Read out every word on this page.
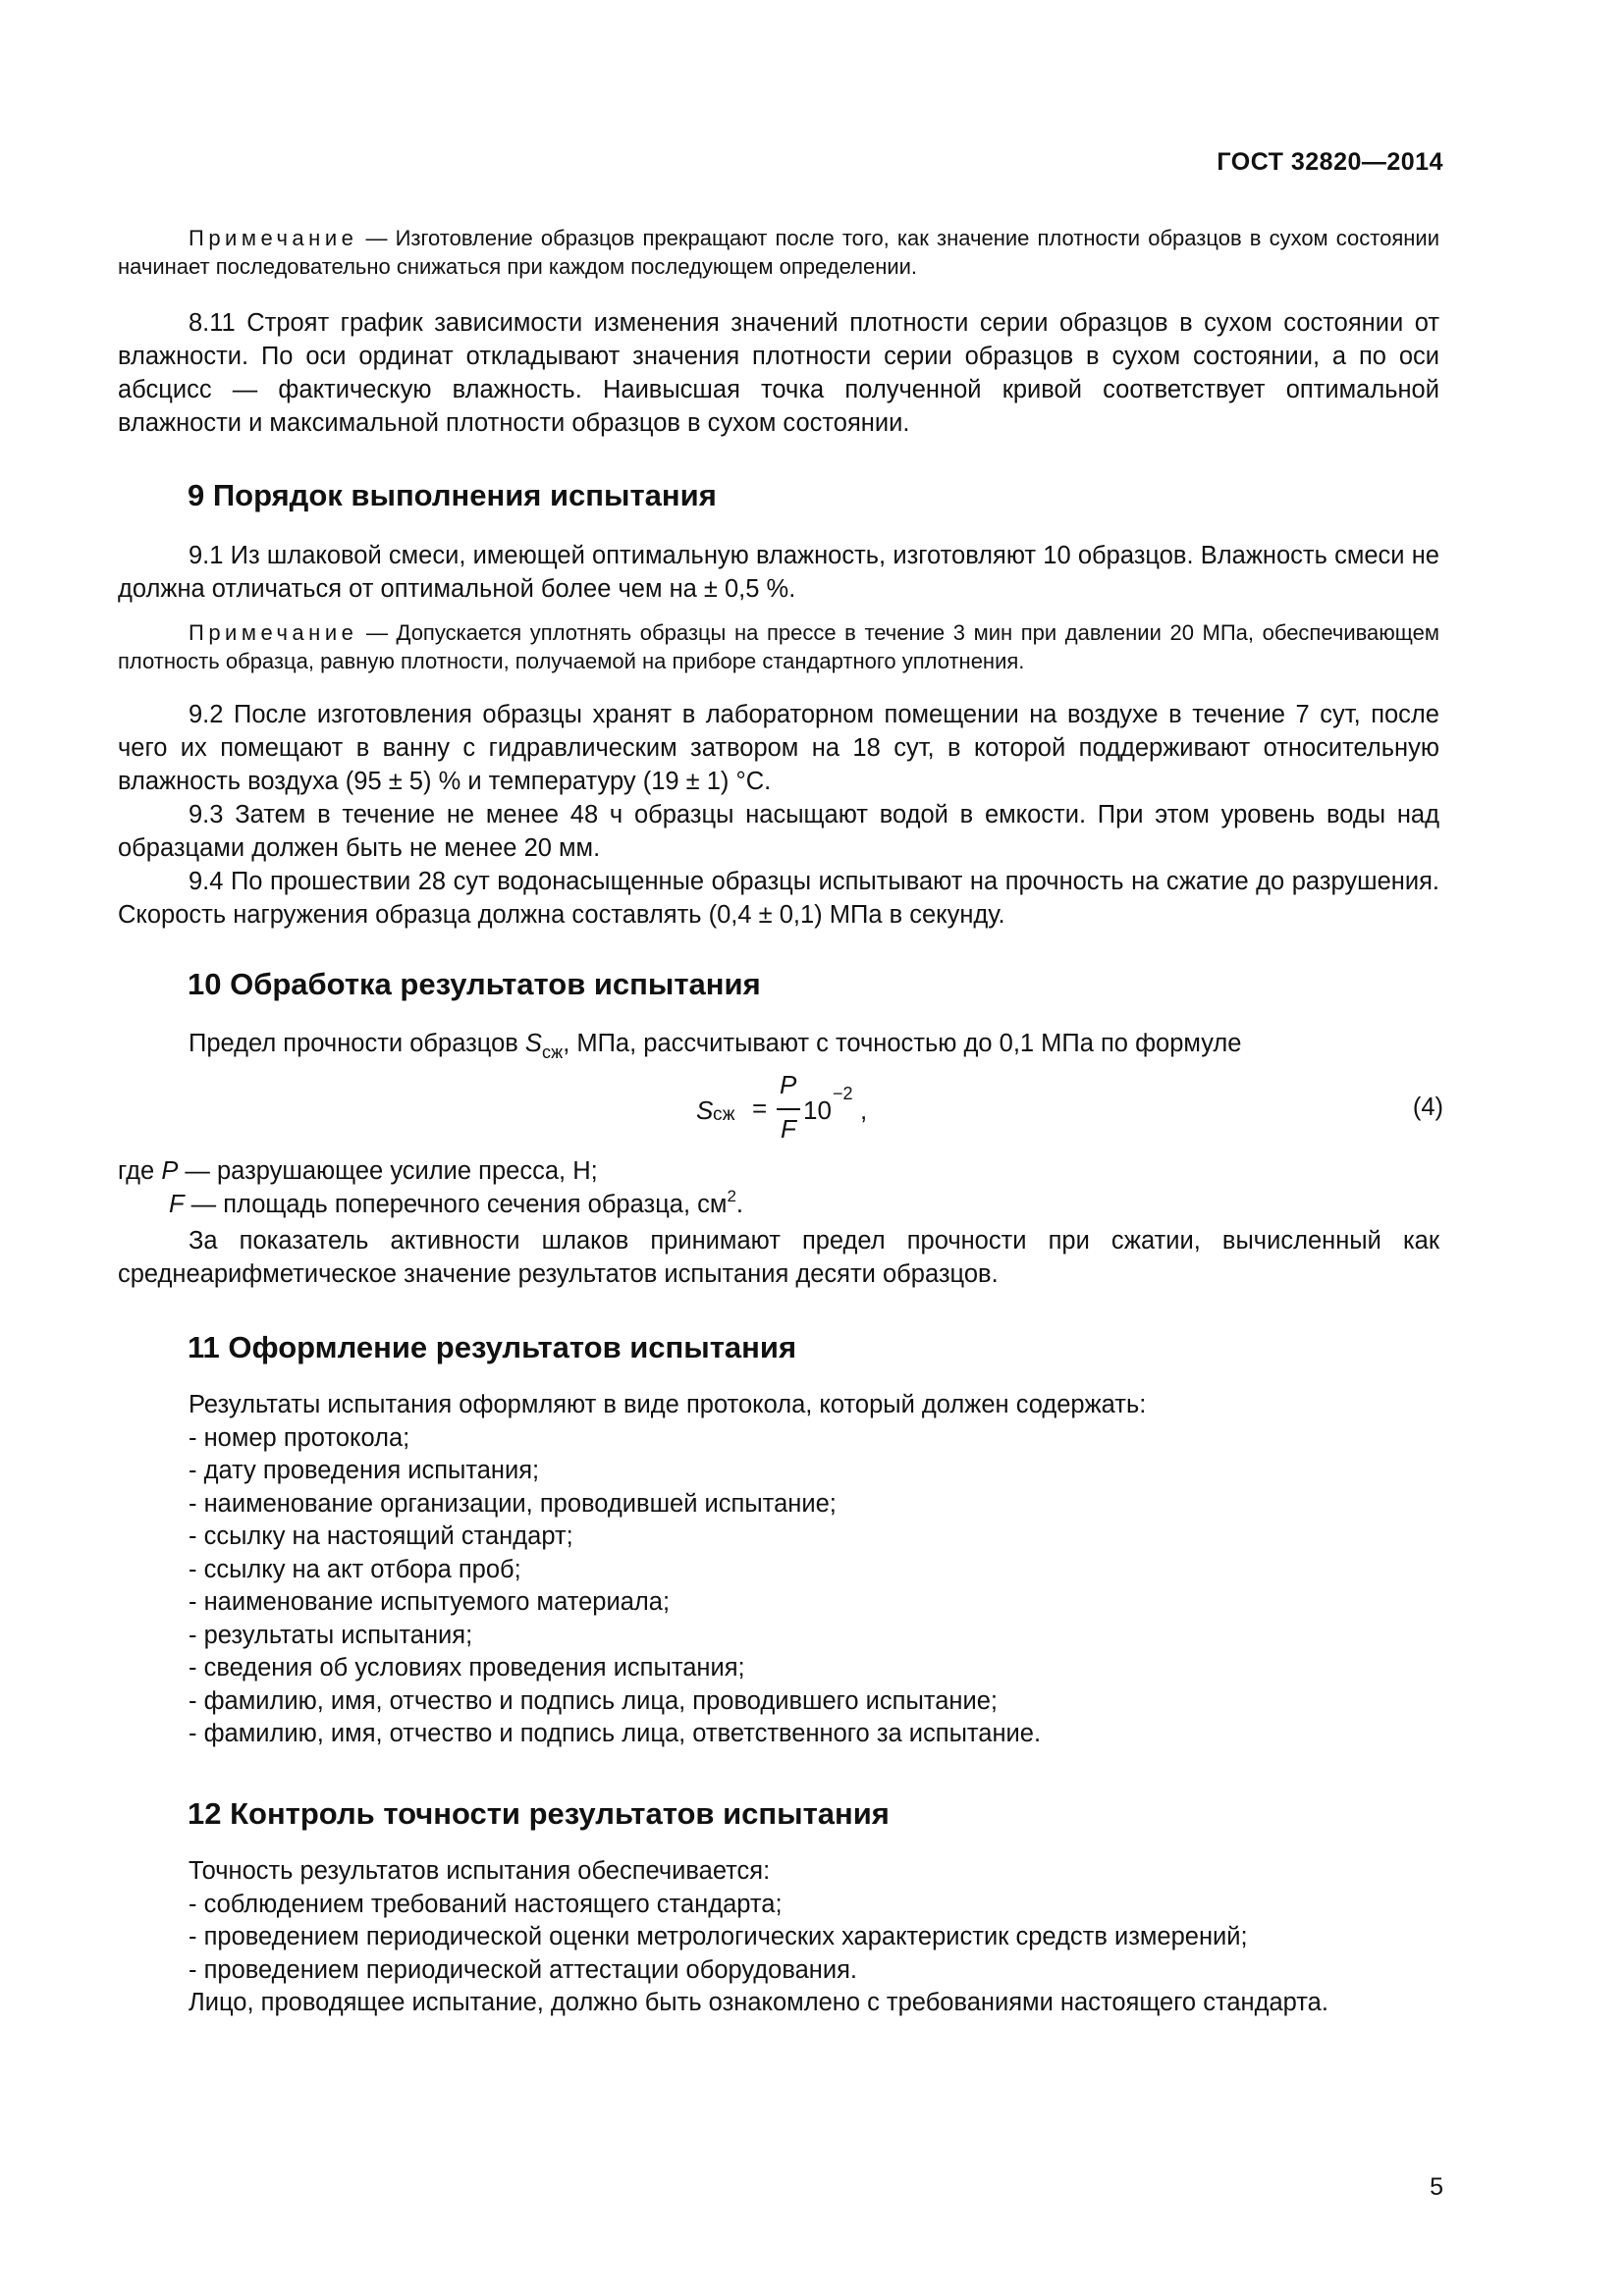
ГОСТ 32820—2014

Примечание — Изготовление образцов прекращают после того, как значение плотности образцов в сухом состоянии начинает последовательно снижаться при каждом последующем определении.

8.11 Строят график зависимости изменения значений плотности серии образцов в сухом состоянии от влажности. По оси ординат откладывают значения плотности серии образцов в сухом состоянии, а по оси абсцисс — фактическую влажность. Наивысшая точка полученной кривой соответствует оптимальной влажности и максимальной плотности образцов в сухом состоянии.

9 Порядок выполнения испытания

9.1 Из шлаковой смеси, имеющей оптимальную влажность, изготовляют 10 образцов. Влажность смеси не должна отличаться от оптимальной более чем на ± 0,5 %.

Примечание — Допускается уплотнять образцы на прессе в течение 3 мин при давлении 20 МПа, обеспечивающем плотность образца, равную плотности, получаемой на приборе стандартного уплотнения.

9.2 После изготовления образцы хранят в лабораторном помещении на воздухе в течение 7 сут, после чего их помещают в ванну с гидравлическим затвором на 18 сут, в которой поддерживают относительную влажность воздуха (95 ± 5) % и температуру (19 ± 1) °С.

9.3 Затем в течение не менее 48 ч образцы насыщают водой в емкости. При этом уровень воды над образцами должен быть не менее 20 мм.

9.4 По прошествии 28 сут водонасыщенные образцы испытывают на прочность на сжатие до разрушения. Скорость нагружения образца должна составлять (0,4 ± 0,1) МПа в секунду.

10 Обработка результатов испытания

Предел прочности образцов $S_{сж}$, МПа, рассчитывают с точностью до 0,1 МПа по формуле

S сж =
P
F
10
−2
,	(4)

где P — разрушающее усилие пресса, Н;

F — площадь поперечного сечения образца, $см^2$.

За показатель активности шлаков принимают предел прочности при сжатии, вычисленный как среднеарифметическое значение результатов испытания десяти образцов.

11 Оформление результатов испытания

Результаты испытания оформляют в виде протокола, который должен содержать:

- номер протокола;

- дату проведения испытания;

- наименование организации, проводившей испытание;

- ссылку на настоящий стандарт;

- ссылку на акт отбора проб;

- наименование испытуемого материала;

- результаты испытания;

- сведения об условиях проведения испытания;

- фамилию, имя, отчество и подпись лица, проводившего испытание;

- фамилию, имя, отчество и подпись лица, ответственного за испытание.

12 Контроль точности результатов испытания

Точность результатов испытания обеспечивается:

- соблюдением требований настоящего стандарта;

- проведением периодической оценки метрологических характеристик средств измерений;

- проведением периодической аттестации оборудования.

Лицо, проводящее испытание, должно быть ознакомлено с требованиями настоящего стандарта.

5
